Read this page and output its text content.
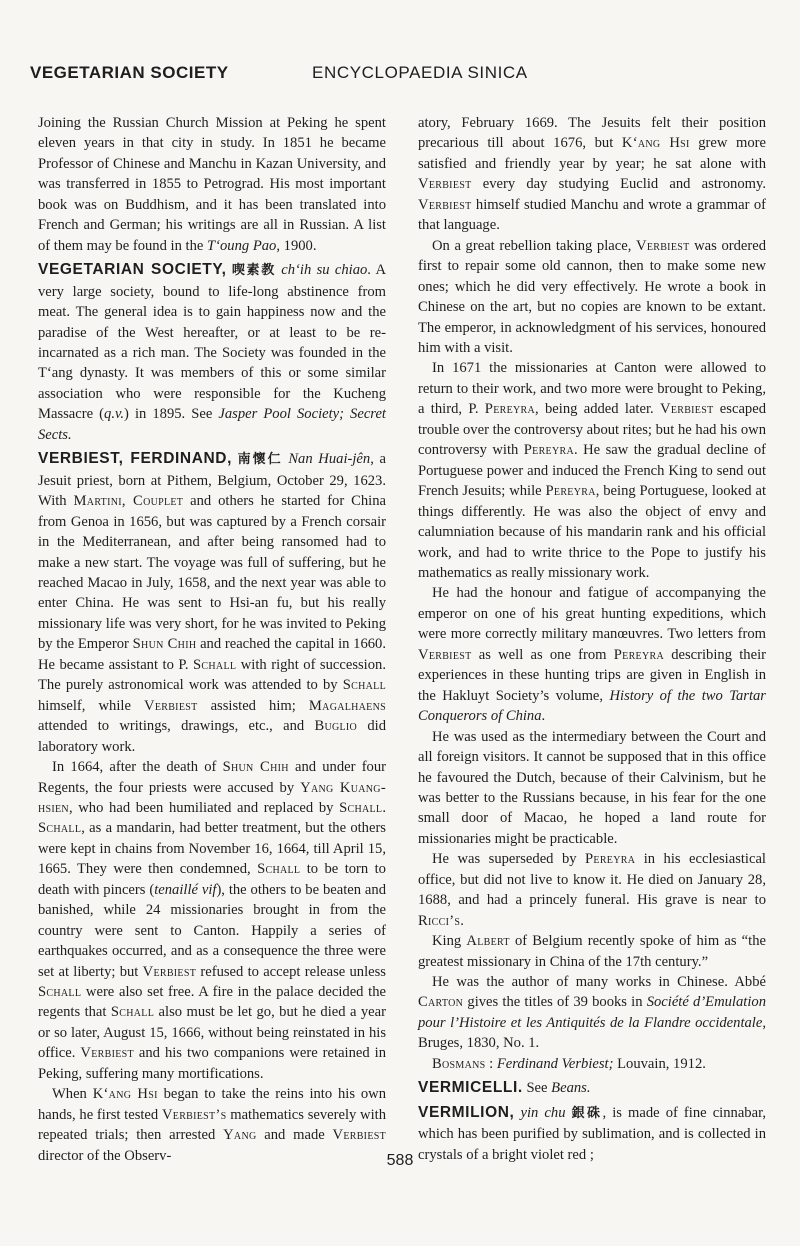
VEGETARIAN SOCIETY	ENCYCLOPAEDIA SINICA

Joining the Russian Church Mission at Peking he spent eleven years in that city in study. In 1851 he became Professor of Chinese and Manchu in Kazan University, and was transferred in 1855 to Petrograd. His most important book was on Buddhism, and it has been translated into French and German; his writings are all in Russian. A list of them may be found in the T‘oung Pao, 1900.

VEGETARIAN SOCIETY, 喫素教 ch‘ih su chiao. A very large society, bound to life-long abstinence from meat. The general idea is to gain happiness now and the paradise of the West hereafter, or at least to be re-incarnated as a rich man. The Society was founded in the T‘ang dynasty. It was members of this or some similar association who were responsible for the Kucheng Massacre (q.v.) in 1895. See Jasper Pool Society; Secret Sects.

VERBIEST, FERDINAND, 南懷仁 Nan Huai-jên, a Jesuit priest, born at Pithem, Belgium, October 29, 1623. With Martini, Couplet and others he started for China from Genoa in 1656, but was captured by a French corsair in the Mediterranean, and after being ransomed had to make a new start. The voyage was full of suffering, but he reached Macao in July, 1658, and the next year was able to enter China. He was sent to Hsi-an fu, but his really missionary life was very short, for he was invited to Peking by the Emperor Shun Chih and reached the capital in 1660. He became assistant to P. Schall with right of succession. The purely astronomical work was attended to by Schall himself, while Verbiest assisted him; Magalhaens attended to writings, drawings, etc., and Buglio did laboratory work.

In 1664, after the death of Shun Chih and under four Regents, the four priests were accused by Yang Kuang-hsien, who had been humiliated and replaced by Schall. Schall, as a mandarin, had better treatment, but the others were kept in chains from November 16, 1664, till April 15, 1665. They were then condemned, Schall to be torn to death with pincers (tenaillé vif), the others to be beaten and banished, while 24 missionaries brought in from the country were sent to Canton. Happily a series of earthquakes occurred, and as a consequence the three were set at liberty; but Verbiest refused to accept release unless Schall were also set free. A fire in the palace decided the regents that Schall also must be let go, but he died a year or so later, August 15, 1666, without being reinstated in his office. Verbiest and his two companions were retained in Peking, suffering many mortifications.

When K‘ang Hsi began to take the reins into his own hands, he first tested Verbiest’s mathematics severely with repeated trials; then arrested Yang and made Verbiest director of the Observ-

atory, February 1669. The Jesuits felt their position precarious till about 1676, but K‘ang Hsi grew more satisfied and friendly year by year; he sat alone with Verbiest every day studying Euclid and astronomy. Verbiest himself studied Manchu and wrote a grammar of that language.

On a great rebellion taking place, Verbiest was ordered first to repair some old cannon, then to make some new ones; which he did very effectively. He wrote a book in Chinese on the art, but no copies are known to be extant. The emperor, in acknowledgment of his services, honoured him with a visit.

In 1671 the missionaries at Canton were allowed to return to their work, and two more were brought to Peking, a third, P. Pereyra, being added later. Verbiest escaped trouble over the controversy about rites; but he had his own controversy with Pereyra. He saw the gradual decline of Portuguese power and induced the French King to send out French Jesuits; while Pereyra, being Portuguese, looked at things differently. He was also the object of envy and calumniation because of his mandarin rank and his official work, and had to write thrice to the Pope to justify his mathematics as really missionary work.

He had the honour and fatigue of accompanying the emperor on one of his great hunting expeditions, which were more correctly military manœuvres. Two letters from Verbiest as well as one from Pereyra describing their experiences in these hunting trips are given in English in the Hakluyt Society’s volume, History of the two Tartar Conquerors of China.

He was used as the intermediary between the Court and all foreign visitors. It cannot be supposed that in this office he favoured the Dutch, because of their Calvinism, but he was better to the Russians because, in his fear for the one small door of Macao, he hoped a land route for missionaries might be practicable.

He was superseded by Pereyra in his ecclesiastical office, but did not live to know it. He died on January 28, 1688, and had a princely funeral. His grave is near to Ricci’s.

King Albert of Belgium recently spoke of him as “the greatest missionary in China of the 17th century.”

He was the author of many works in Chinese. Abbé Carton gives the titles of 39 books in Société d’Emulation pour l’Histoire et les Antiquités de la Flandre occidentale, Bruges, 1830, No. 1.

Bosmans : Ferdinand Verbiest; Louvain, 1912.

VERMICELLI. See Beans.

VERMILION, yin chu 銀硃, is made of fine cinnabar, which has been purified by sublimation, and is collected in crystals of a bright violet red ;

588
